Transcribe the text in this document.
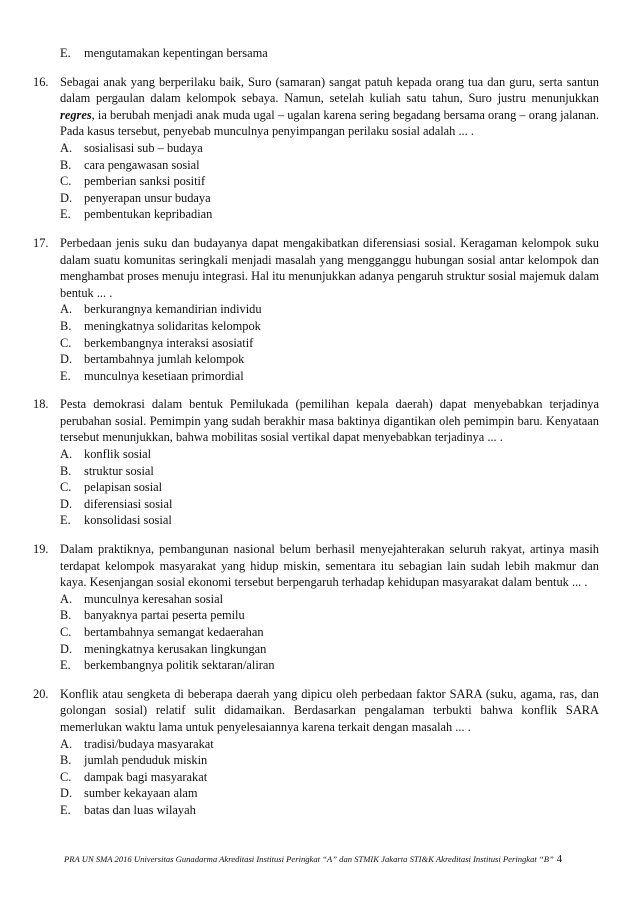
E.	mengutamakan kepentingan bersama
16. Sebagai anak yang berperilaku baik, Suro (samaran) sangat patuh kepada orang tua dan guru, serta santun dalam pergaulan dalam kelompok sebaya. Namun, setelah kuliah satu tahun, Suro justru menunjukkan regres, ia berubah menjadi anak muda ugal – ugalan karena sering begadang bersama orang – orang jalanan. Pada kasus tersebut, penyebab munculnya penyimpangan perilaku sosial adalah ... .
A. sosialisasi sub – budaya
B.	cara pengawasan sosial
C.	pemberian sanksi positif
D. penyerapan unsur budaya
E.	pembentukan kepribadian
17. Perbedaan jenis suku dan budayanya dapat mengakibatkan diferensiasi sosial. Keragaman kelompok suku dalam suatu komunitas seringkali menjadi masalah yang mengganggu hubungan sosial antar kelompok dan menghambat proses menuju integrasi. Hal itu menunjukkan adanya pengaruh struktur sosial majemuk dalam bentuk ... .
A. berkurangnya kemandirian individu
B.	meningkatnya solidaritas kelompok
C.	berkembangnya interaksi asosiatif
D. bertambahnya jumlah kelompok
E.	munculnya kesetiaan primordial
18. Pesta demokrasi dalam bentuk Pemilukada (pemilihan kepala daerah) dapat menyebabkan terjadinya perubahan sosial. Pemimpin yang sudah berakhir masa baktinya digantikan oleh pemimpin baru. Kenyataan tersebut menunjukkan, bahwa mobilitas sosial vertikal dapat menyebabkan terjadinya ... .
A. konflik sosial
B.	struktur sosial
C.	pelapisan sosial
D. diferensiasi sosial
E.	konsolidasi sosial
19. Dalam praktiknya, pembangunan nasional belum berhasil menyejahterakan seluruh rakyat, artinya masih terdapat kelompok masyarakat yang hidup miskin, sementara itu sebagian lain sudah lebih makmur dan kaya. Kesenjangan sosial ekonomi tersebut berpengaruh terhadap kehidupan masyarakat dalam bentuk ... .
A. munculnya keresahan sosial
B.	banyaknya partai peserta pemilu
C.	bertambahnya semangat kedaerahan
D. meningkatnya kerusakan lingkungan
E.	berkembangnya politik sektaran/aliran
20. Konflik atau sengketa di beberapa daerah yang dipicu oleh perbedaan faktor SARA (suku, agama, ras, dan golongan sosial) relatif sulit didamaikan. Berdasarkan pengalaman terbukti bahwa konflik SARA memerlukan waktu lama untuk penyelesaiannya karena terkait dengan masalah ... .
A. tradisi/budaya masyarakat
B.	jumlah penduduk miskin
C.	dampak bagi masyarakat
D. sumber kekayaan alam
E.	batas dan luas wilayah
PRA UN SMA 2016 Universitas Gunadarma Akreditasi Institusi Peringkat “A” dan STMIK Jakarta STI&K Akreditasi Institusi Peringkat “B” 4
